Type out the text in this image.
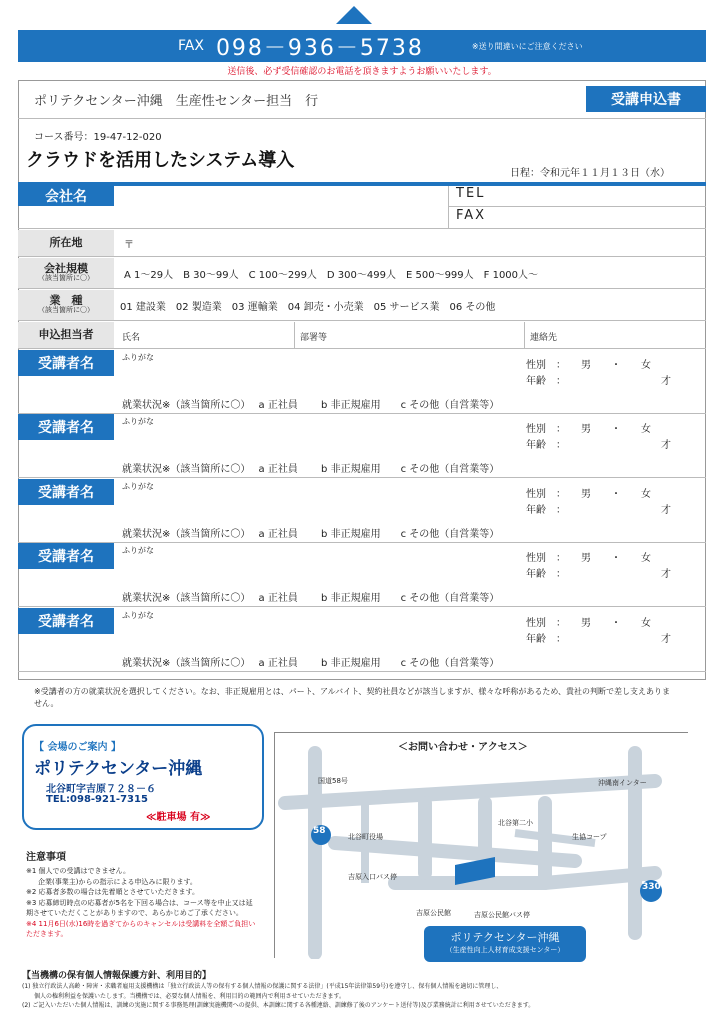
FAX 098－936－5738	※送り間違いにご注意ください
送信後、必ず受信確認のお電話を頂きますようお願いいたします。
ポリテクセンター沖縄　生産性センター担当　行	受講申込書
コース番号：19-47-12-020
クラウドを活用したシステム導入
日程：令和元年１１月１３日（水）
会社名	TEL
FAX
所在地	〒
会社規模
（該当箇所に〇）	A 1～29人　B 30～99人　C 100～299人　D 300～499人　E 500～999人　F 1000人～
業　種
（該当箇所に〇）	01 建設業　02 製造業　03 運輸業　04 卸売・小売業　05 サービス業　06 その他
申込担当者	氏名	部署等	連絡先
受講者名	ふりがな
性別　：　　男　　・　　女
年齢　：　　　　　　　　　　才
就業状況※（該当箇所に〇）　 a 正社員　　 b 非正規雇用　　c その他（自営業等）
受講者名	ふりがな
性別　：　　男　　・　　女
年齢　：　　　　　　　　　　才
就業状況※（該当箇所に〇）　 a 正社員　　 b 非正規雇用　　c その他（自営業等）
受講者名	ふりがな
性別　：　　男　　・　　女
年齢　：　　　　　　　　　　才
就業状況※（該当箇所に〇）　 a 正社員　　 b 非正規雇用　　c その他（自営業等）
受講者名	ふりがな
性別　：　　男　　・　　女
年齢　：　　　　　　　　　　才
就業状況※（該当箇所に〇）　 a 正社員　　 b 非正規雇用　　c その他（自営業等）
受講者名	ふりがな
性別　：　　男　　・　　女
年齢　：　　　　　　　　　　才
就業状況※（該当箇所に〇）　 a 正社員　　 b 非正規雇用　　c その他（自営業等）
※受講者の方の就業状況を選択してください。なお、非正規雇用とは、パート、アルバイト、契約社員などが該当しますが、様々な呼称があるため、貴社の判断で差し支えありません。
【 会場のご案内 】
ポリテクセンター沖縄
北谷町字吉原７２８－６
TEL:098-921-7315
≪駐車場 有≫
注意事項
※1 個人での受講はできません。
企業(事業主)からの指示による申込みに限ります。
※2 応募者多数の場合は先着順とさせていただきます。
※3 応募締切時点の応募者が5名を下回る場合は、コース等を中止又は延期させていただくことがありますので、あらかじめご了承ください。
※4 11月6日(水)16時を過ぎてからのキャンセルは受講料を全額ご負担いただきます。
＜お問い合わせ・アクセス＞
58
330
北谷町役場
北谷第二小
生協コープ
吉原入口バス停
吉原公民館	吉原公民館バス停
沖縄南インター
国道58号
ポリテクセンター沖縄
（生産性向上人材育成支援センター）
【当機構の保有個人情報保護方針、利用目的】
(1) 独立行政法人高齢・障害・求職者雇用支援機構は「独立行政法人等の保有する個人情報の保護に関する法律」(平成15年法律第59号)を遵守し、保有個人情報を適切に管理し、
個人の権利利益を保護いたします。当機構では、必要な個人情報を、利用目的の範囲内で利用させていただきます。
(2) ご記入いただいた個人情報は、訓練の実施に関する事務処理(訓練実施機関への提供、本訓練に関する各種連絡、訓練修了後のアンケート送付等)及び業務統計に利用させていただきます。
